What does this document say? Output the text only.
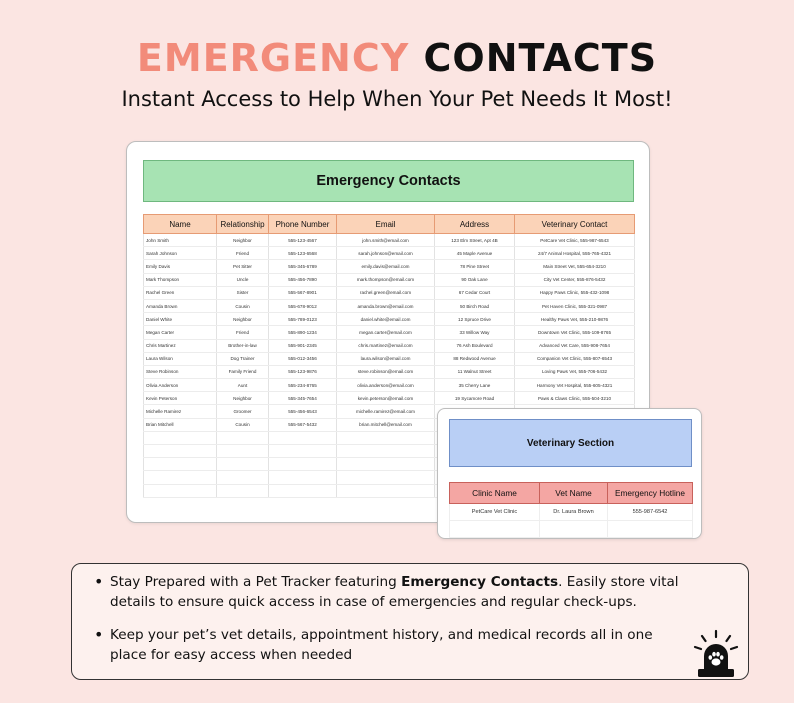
EMERGENCY CONTACTS
Instant Access to Help When Your Pet Needs It Most!
Emergency Contacts
Name	Relationship	Phone Number	Email	Address	Veterinary Contact
John Smith	Neighbor	555-123-4567	john.smith@email.com	123 Elm Street, Apt 4B	PetCare Vet Clinic, 555-987-6543
Sarah Johnson	Friend	555-123-6568	sarah.johnson@email.com	45 Maple Avenue	24/7 Animal Hospital, 555-765-4321
Emily Davis	Pet Sitter	555-345-6789	emily.davis@email.com	78 Pine Street	Main Street Vet, 555-654-3210
Mark Thompson	Uncle	555-456-7890	mark.thompson@email.com	90 Oak Lane	City Vet Center, 555-876-5432
Rachel Green	Sister	555-567-8901	rachel.green@email.com	67 Cedar Court	Happy Paws Clinic, 555-432-1098
Amanda Brown	Cousin	555-678-9012	amanda.brown@email.com	50 Birch Road	Pet Haven Clinic, 555-321-0987
Daniel White	Neighbor	555-789-0123	daniel.white@email.com	12 Spruce Drive	Healthy Paws Vet, 555-210-9876
Megan Carter	Friend	555-890-1234	megan.carter@email.com	33 Willow Way	Downtown Vet Clinic, 555-109-8765
Chris Martinez	Brother-in-law	555-901-2345	chris.martinez@email.com	76 Ash Boulevard	Advanced Vet Care, 555-908-7654
Laura Wilson	Dog Trainer	555-012-3456	laura.wilson@email.com	88 Redwood Avenue	Companion Vet Clinic, 555-807-6543
Steve Robinson	Family Friend	555-123-9876	steve.robinson@email.com	11 Walnut Street	Loving Paws Vet, 555-706-5432
Olivia Anderson	Aunt	555-234-8765	olivia.anderson@email.com	35 Cherry Lane	Harmony Vet Hospital, 555-605-4321
Kevin Peterson	Neighbor	555-345-7654	kevin.peterson@email.com	19 Sycamore Road	Paws & Claws Clinic, 555-504-3210
Michelle Ramirez	Groomer	555-456-6543	michelle.ramirez@email.com		
Brian Mitchell	Cousin	555-567-5432	brian.mitchell@email.com		

Veterinary Section
Clinic Name	Vet Name	Emergency Hotline
PetCare Vet Clinic	Dr. Laura Brown	555-987-6542

• Stay Prepared with a Pet Tracker featuring Emergency Contacts. Easily store vital details to ensure quick access in case of emergencies and regular check-ups.
• Keep your pet’s vet details, appointment history, and medical records all in one place for easy access when needed
